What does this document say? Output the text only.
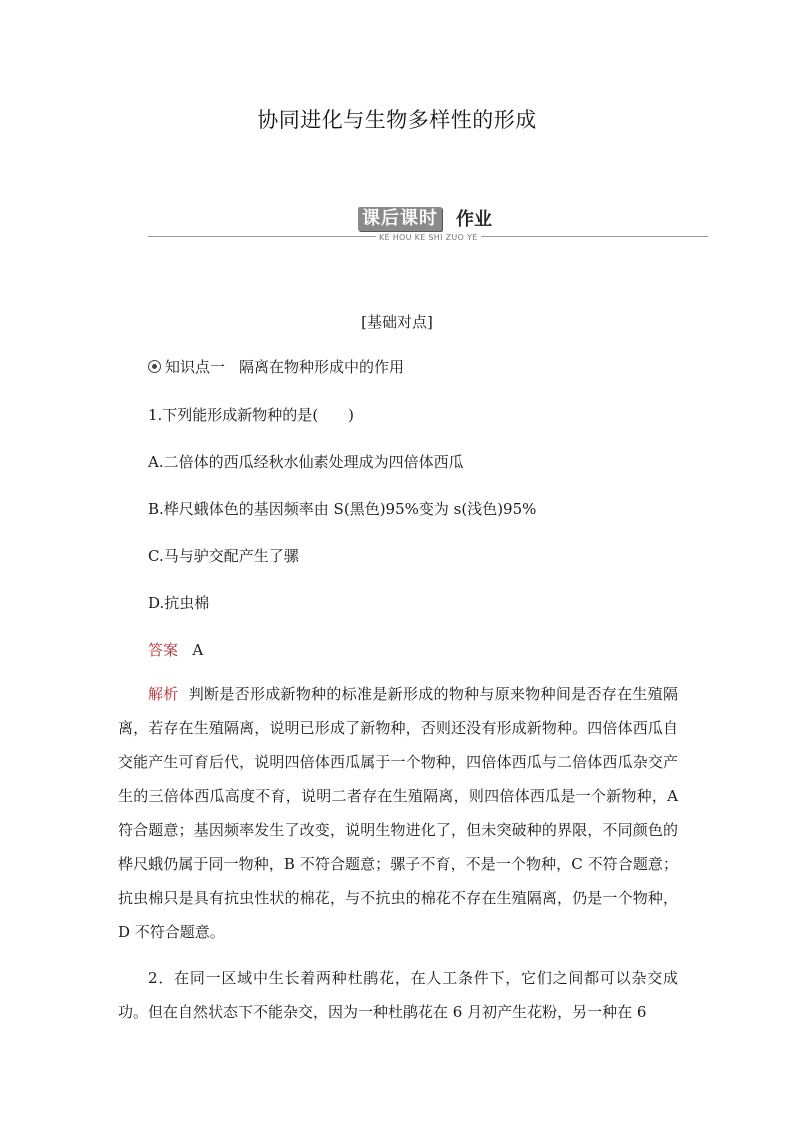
协同进化与生物多样性的形成
课后课时 作业
KE HOU KE SHI ZUO YE
[基础对点]
知识点一 隔离在物种形成中的作用
1.下列能形成新物种的是(　　)
A.二倍体的西瓜经秋水仙素处理成为四倍体西瓜
B.桦尺蛾体色的基因频率由 S(黑色)95%变为 s(浅色)95%
C.马与驴交配产生了骡
D.抗虫棉
答案 A
解析 判断是否形成新物种的标准是新形成的物种与原来物种间是否存在生殖隔离，若存在生殖隔离，说明已形成了新物种，否则还没有形成新物种。四倍体西瓜自交能产生可育后代，说明四倍体西瓜属于一个物种，四倍体西瓜与二倍体西瓜杂交产生的三倍体西瓜高度不育，说明二者存在生殖隔离，则四倍体西瓜是一个新物种，A 符合题意；基因频率发生了改变，说明生物进化了，但未突破种的界限，不同颜色的桦尺蛾仍属于同一物种，B 不符合题意；骡子不育，不是一个物种，C 不符合题意；抗虫棉只是具有抗虫性状的棉花，与不抗虫的棉花不存在生殖隔离，仍是一个物种，D 不符合题意。
2．在同一区域中生长着两种杜鹃花，在人工条件下，它们之间都可以杂交成功。但在自然状态下不能杂交，因为一种杜鹃花在 6 月初产生花粉，另一种在 6
